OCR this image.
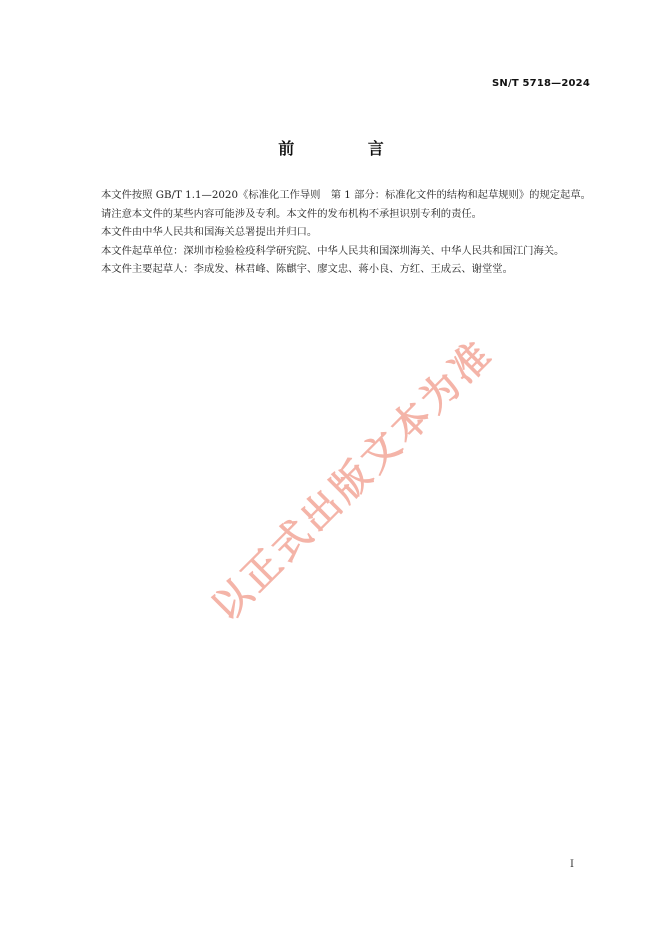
SN/T 5718—2024
前 言

本文件按照 GB/T 1.1—2020《标准化工作导则　第 1 部分：标准化文件的结构和起草规则》的规定起草。

请注意本文件的某些内容可能涉及专利。本文件的发布机构不承担识别专利的责任。

本文件由中华人民共和国海关总署提出并归口。

本文件起草单位：深圳市检验检疫科学研究院、中华人民共和国深圳海关、中华人民共和国江门海关。

本文件主要起草人：李成发、林君峰、陈麒宇、廖文忠、蒋小良、方红、王成云、谢堂堂。

以正式出版文本为准
I
